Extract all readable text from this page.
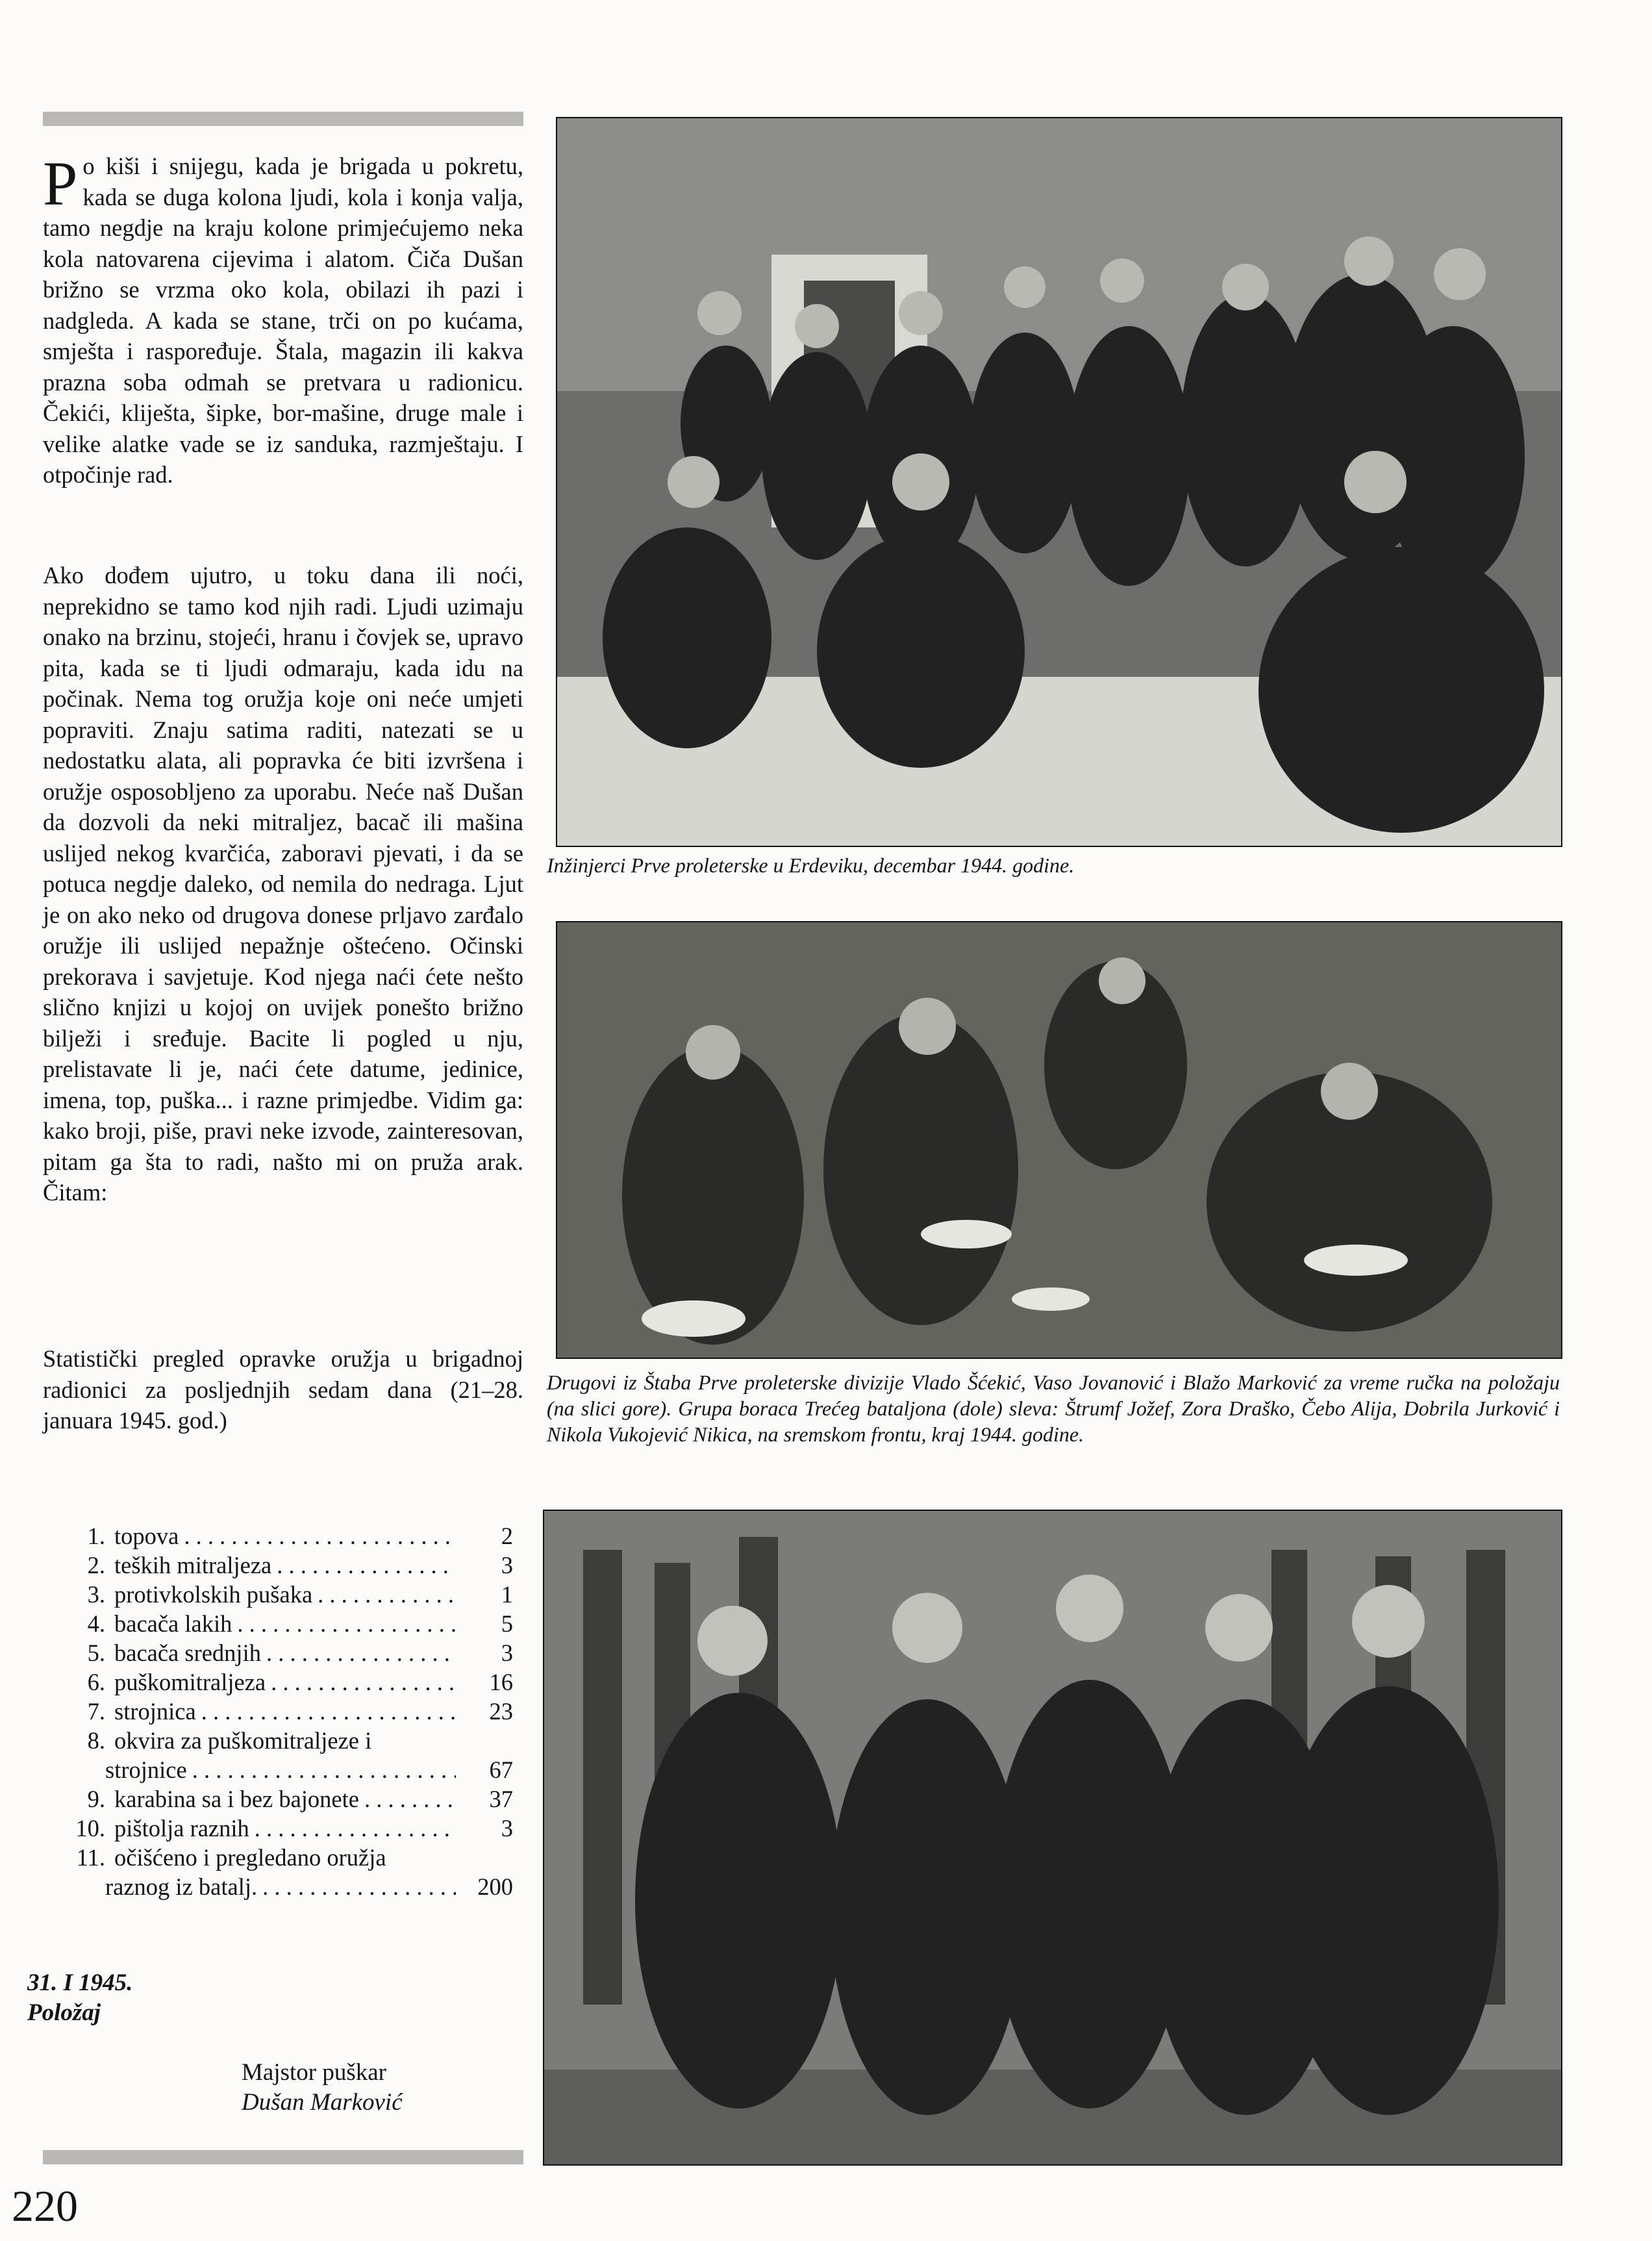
Po kiši i snijegu, kada je brigada u pokretu, kada se duga kolona ljudi, kola i konja valja, tamo negdje na kraju kolone primjećujemo neka kola natovarena cijevima i alatom. Čiča Dušan brižno se vrzma oko kola, obilazi ih pazi i nadgleda. A kada se stane, trči on po kućama, smješta i raspoređuje. Štala, magazin ili kakva prazna soba odmah se pretvara u radionicu. Čekići, kliješta, šipke, bor-mašine, druge male i velike alatke vade se iz sanduka, razmještaju. I otpočinje rad.
Ako dođem ujutro, u toku dana ili noći, neprekidno se tamo kod njih radi. Ljudi uzimaju onako na brzinu, stojeći, hranu i čovjek se, upravo pita, kada se ti ljudi odmaraju, kada idu na počinak. Nema tog oružja koje oni neće umjeti popraviti. Znaju satima raditi, natezati se u nedostatku alata, ali popravka će biti izvršena i oružje osposobljeno za uporabu. Neće naš Dušan da dozvoli da neki mitraljez, bacač ili mašina uslijed nekog kvarčića, zaboravi pjevati, i da se potuca negdje daleko, od nemila do nedraga. Ljut je on ako neko od drugova donese prljavo zarđalo oružje ili uslijed nepažnje oštećeno. Očinski prekorava i savjetuje. Kod njega naći ćete nešto slično knjizi u kojoj on uvijek ponešto brižno bilježi i sređuje. Bacite li pogled u nju, prelistavate li je, naći ćete datume, jedinice, imena, top, puška... i razne primjedbe. Vidim ga: kako broji, piše, pravi neke izvode, zainteresovan, pitam ga šta to radi, našto mi on pruža arak. Čitam:
Statistički pregled opravke oružja u brigadnoj radionici za posljednjih sedam dana (21–28. januara 1945. god.)
1. topova . . .	2
2. teških mitraljeza . . .	3
3. protivkolskih pušaka . . .	1
4. bacača lakih . . .	5
5. bacača srednjih . . .	3
6. puškomitraljeza . . .	16
7. strojnica . . .	23
8. okvira za puškomitraljeze i
strojnice . . .	67
9. karabina sa i bez bajonete . . .	37
10. pištolja raznih . . .	3
11. očišćeno i pregledano oružja
raznog iz batalj. . . .	200
31. I 1945.
Položaj
Majstor puškar
Dušan Marković
220
Inžinjerci Prve proleterske u Erdeviku, decembar 1944. godine.
Drugovi iz Štaba Prve proleterske divizije Vlado Šćekić, Vaso Jovanović i Blažo Marković za vreme ručka na položaju (na slici gore). Grupa boraca Trećeg bataljona (dole) sleva: Štrumf Jožef, Zora Draško, Čebo Alija, Dobrila Jurković i Nikola Vukojević Nikica, na sremskom frontu, kraj 1944. godine.
